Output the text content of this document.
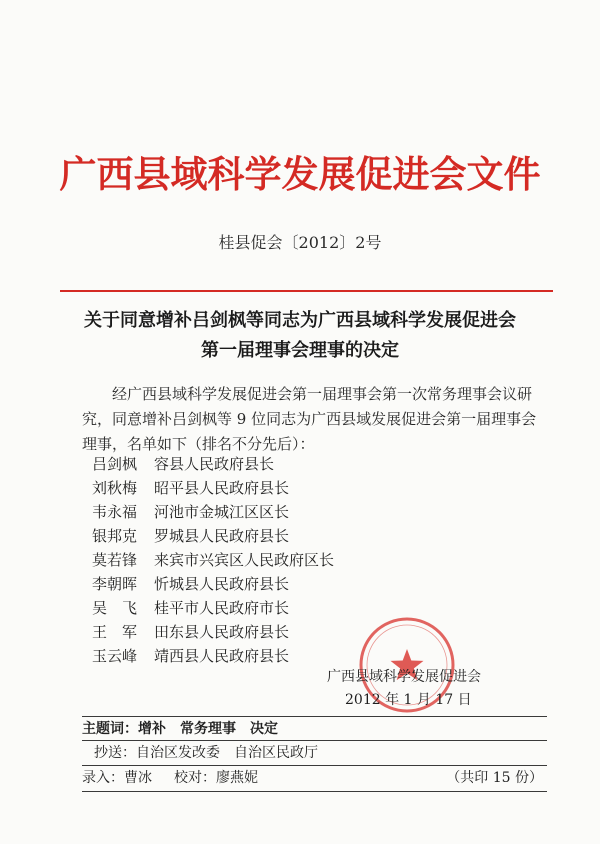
广西县域科学发展促进会文件
桂县促会〔2012〕2号
关于同意增补吕剑枫等同志为广西县域科学发展促进会
第一届理事会理事的决定
经广西县域科学发展促进会第一届理事会第一次常务理事会议研究，同意增补吕剑枫等 9 位同志为广西县域发展促进会第一届理事会理事，名单如下（排名不分先后）：
吕剑枫 容县人民政府县长
刘秋梅 昭平县人民政府县长
韦永福 河池市金城江区区长
银邦克 罗城县人民政府县长
莫若锋 来宾市兴宾区人民政府区长
李朝晖 忻城县人民政府县长
吴　飞 桂平市人民政府市长
王　军 田东县人民政府县长
玉云峰 靖西县人民政府县长
广西县域科学发展促进会
2012 年 1 月 17 日
主题词：增补　常务理事　决定
抄送：自治区发改委　自治区民政厅
录入：曹冰 校对：廖燕妮	（共印 15 份）
